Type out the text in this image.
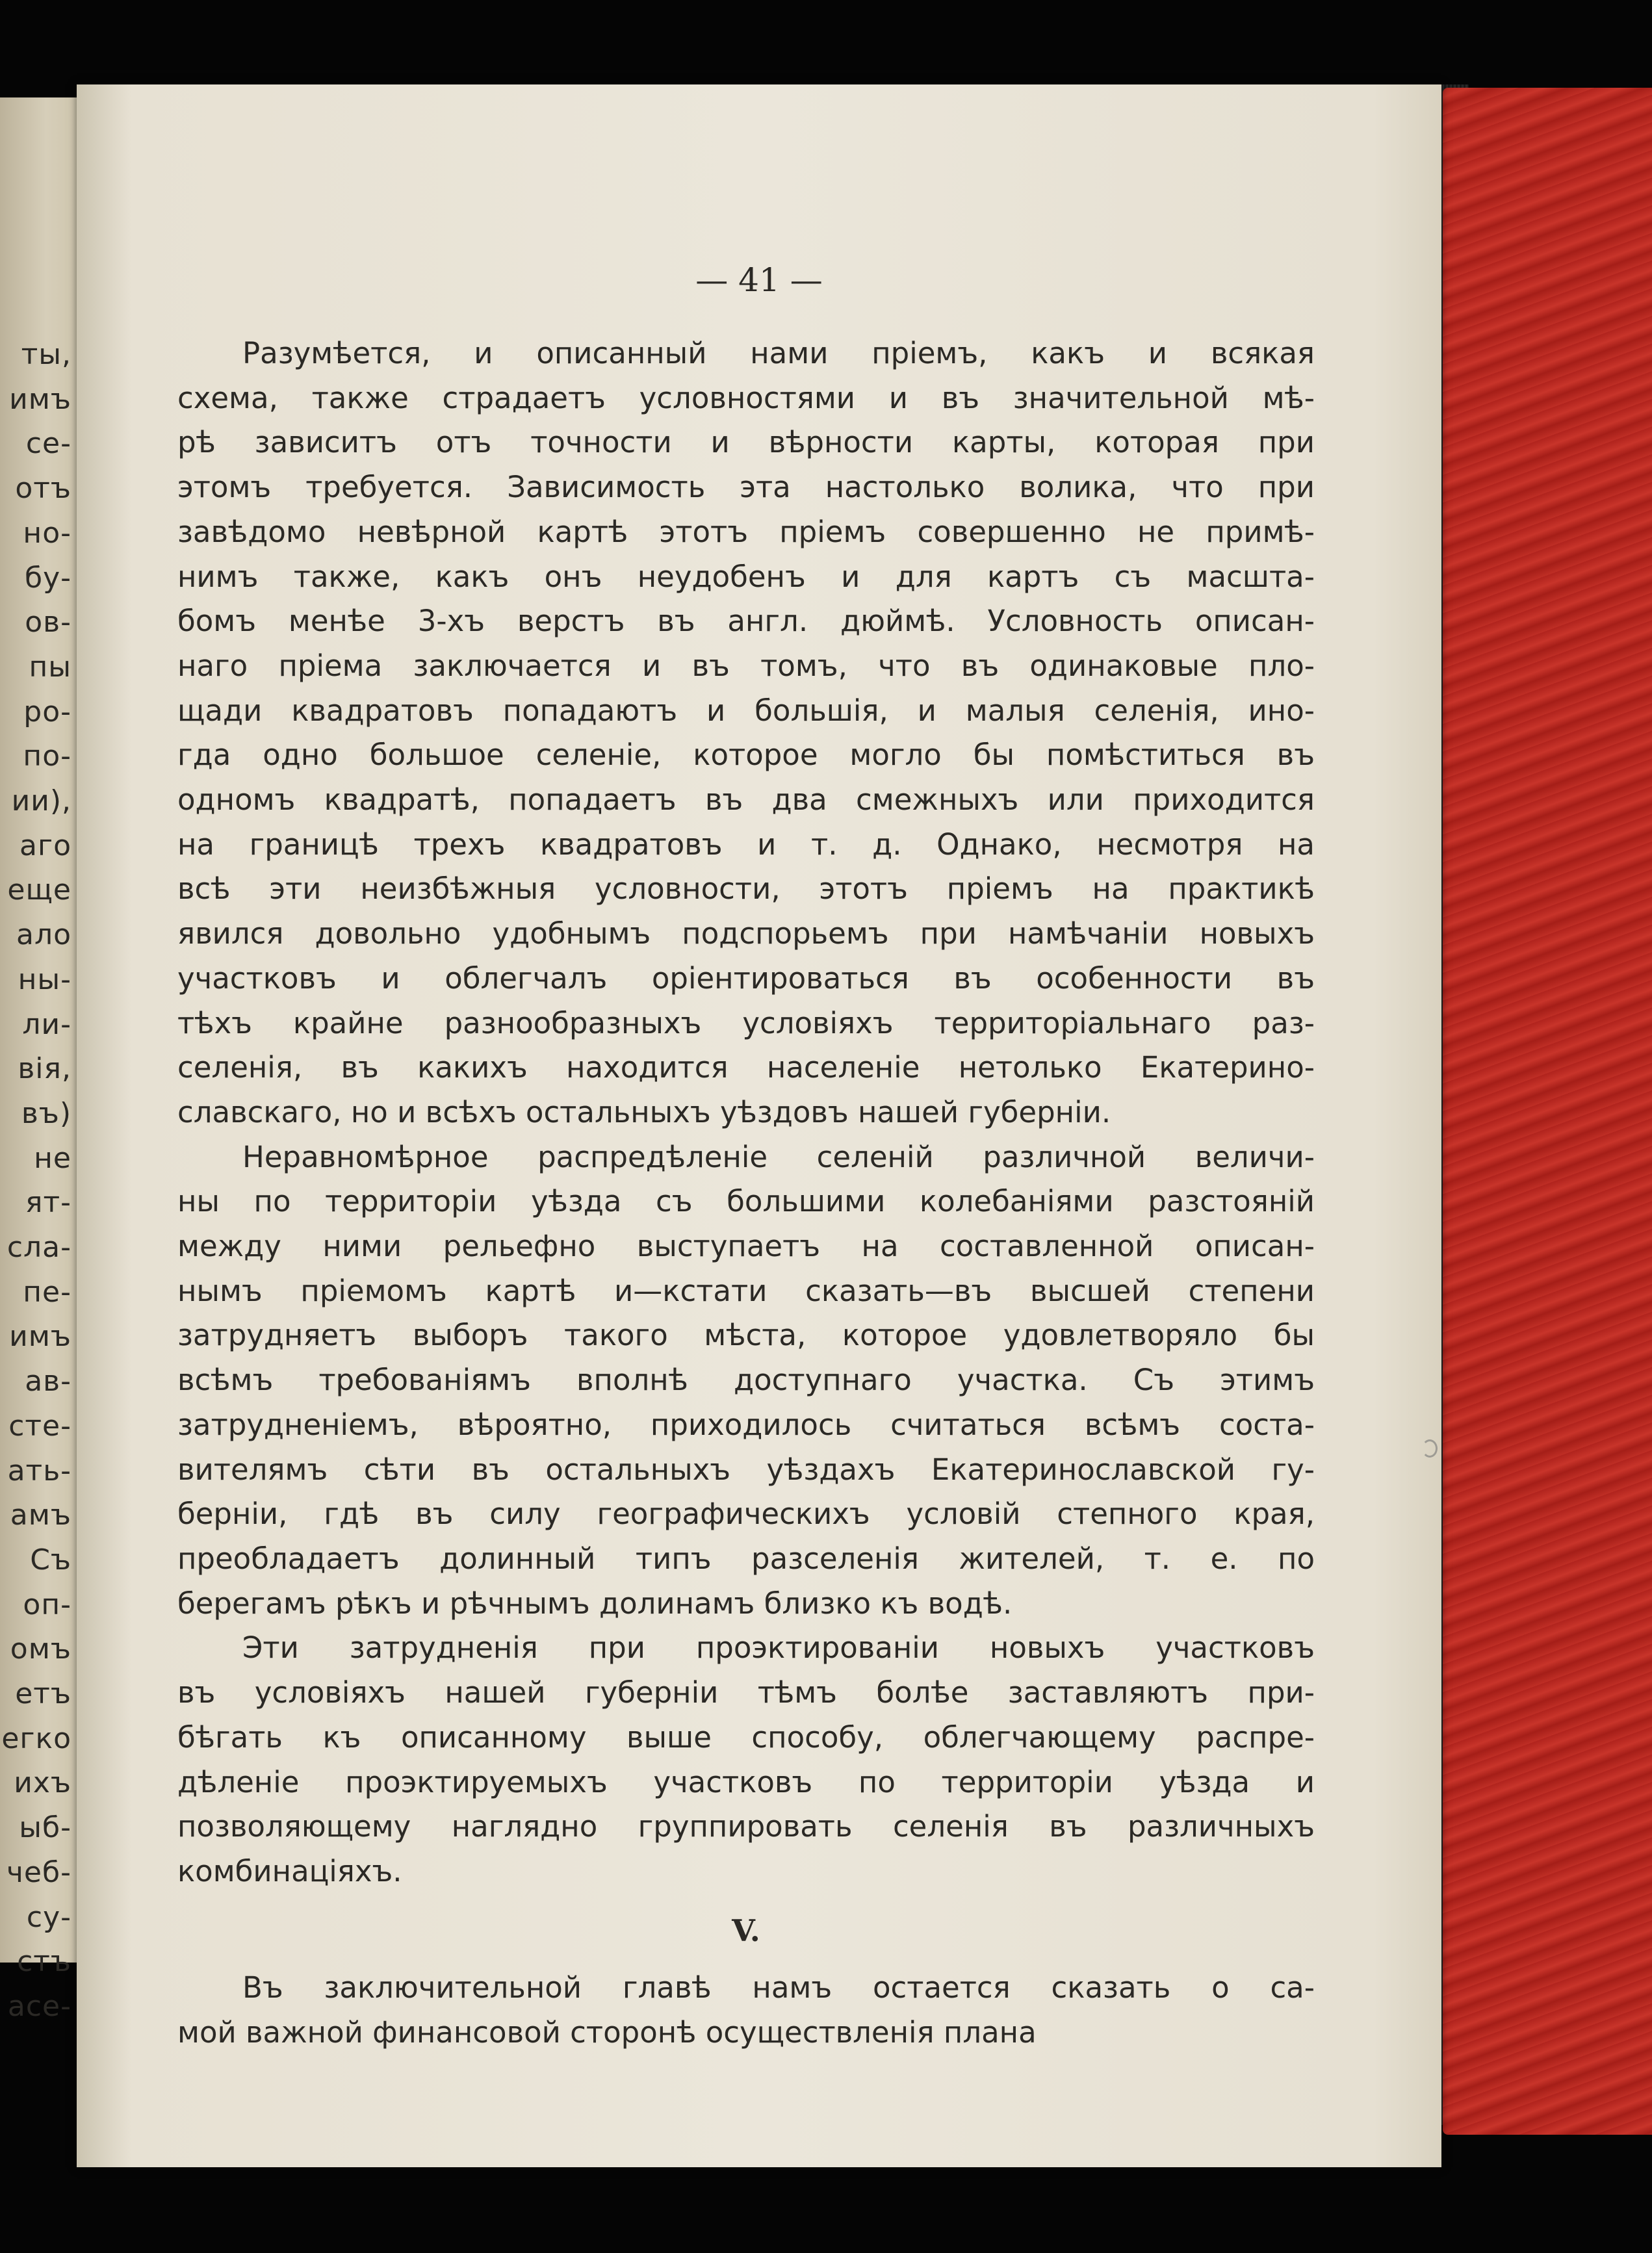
ты,
имъ
се-
отъ
но-
бу-
ов-
пы
ро-
по-
ии),
аго
еще
ало
ны-
ли-
вія,
въ)
не
ят-
сла-
пе-
имъ
ав-
сте-
ать-
амъ
Съ
оп-
омъ
етъ
егко
ихъ
ыб-
чеб-
су-
стъ
асе-
— 41 —

Разумѣется, и описанный нами пріемъ, какъ и всякая
схема, также страдаетъ условностями и въ значительной мѣ-
рѣ зависитъ отъ точности и вѣрности карты, которая при
этомъ требуется. Зависимость эта настолько волика, что при
завѣдомо невѣрной картѣ этотъ пріемъ совершенно не примѣ-
нимъ также, какъ онъ неудобенъ и для картъ съ масшта-
бомъ менѣе 3-хъ верстъ въ англ. дюймѣ. Условность описан-
наго пріема заключается и въ томъ, что въ одинаковые пло-
щади квадратовъ попадаютъ и большія, и малыя селенія, ино-
гда одно большое селеніе, которое могло бы помѣститься въ
одномъ квадратѣ, попадаетъ въ два смежныхъ или приходится
на границѣ трехъ квадратовъ и т. д. Однако, несмотря на
всѣ эти неизбѣжныя условности, этотъ пріемъ на практикѣ
явился довольно удобнымъ подспорьемъ при намѣчаніи новыхъ
участковъ и облегчалъ оріентироваться въ особенности въ
тѣхъ крайне разнообразныхъ условіяхъ территоріальнаго раз-
селенія, въ какихъ находится населеніе нетолько Екатерино-
славскаго, но и всѣхъ остальныхъ уѣздовъ нашей губерніи.

Неравномѣрное распредѣленіе селеній различной величи-
ны по территоріи уѣзда съ большими колебаніями разстояній
между ними рельефно выступаетъ на составленной описан-
нымъ пріемомъ картѣ и—кстати сказать—въ высшей степени
затрудняетъ выборъ такого мѣста, которое удовлетворяло бы
всѣмъ требованіямъ вполнѣ доступнаго участка. Съ этимъ
затрудненіемъ, вѣроятно, приходилось считаться всѣмъ соста-
вителямъ сѣти въ остальныхъ уѣздахъ Екатеринославской гу-
берніи, гдѣ въ силу географическихъ условій степного края,
преобладаетъ долинный типъ разселенія жителей, т. е. по
берегамъ рѣкъ и рѣчнымъ долинамъ близко къ водѣ.

Эти затрудненія при проэктированіи новыхъ участковъ
въ условіяхъ нашей губерніи тѣмъ болѣе заставляютъ при-
бѣгать къ описанному выше способу, облегчающему распре-
дѣленіе проэктируемыхъ участковъ по территоріи уѣзда и
позволяющему наглядно группировать селенія въ различныхъ
комбинаціяхъ.

V.

Въ заключительной главѣ намъ остается сказать о са-
мой важной финансовой сторонѣ осуществленія плана
